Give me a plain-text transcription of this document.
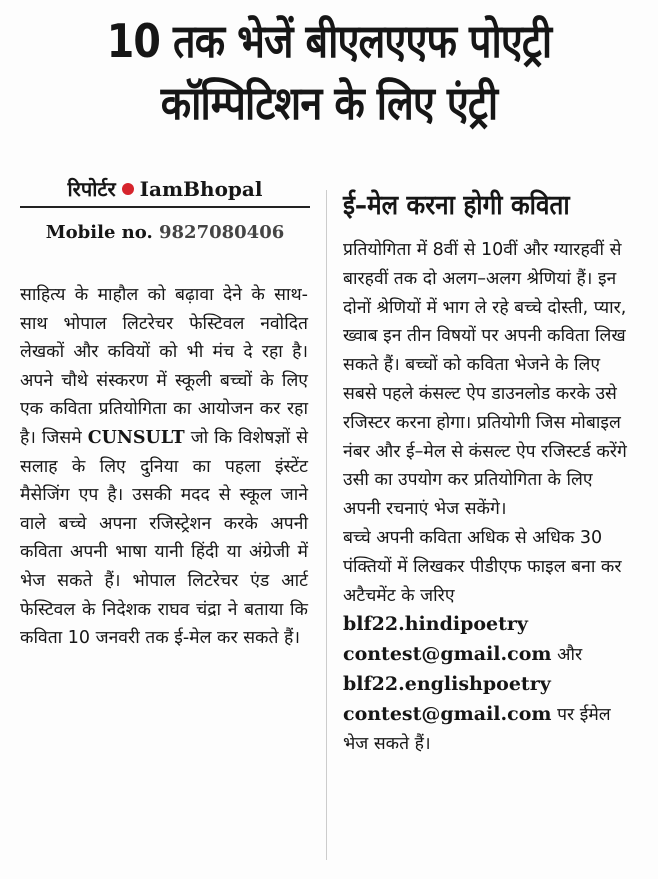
10 तक भेजें बीएलएएफ पोएट्री
कॉम्पिटिशन के लिए एंट्री
रिपोर्टर IamBhopal
Mobile no. 9827080406

साहित्य के माहौल को बढ़ावा देने के साथ-साथ भोपाल लिटरेचर फेस्टिवल नवोदित लेखकों और कवियों को भी मंच दे रहा है। अपने चौथे संस्करण में स्कूली बच्चों के लिए एक कविता प्रतियोगिता का आयोजन कर रहा है। जिसमे CUNSULT जो कि विशेषज्ञों से सलाह के लिए दुनिया का पहला इंस्टेंट मैसेजिंग एप है। उसकी मदद से स्कूल जाने वाले बच्चे अपना रजिस्ट्रेशन करके अपनी कविता अपनी भाषा यानी हिंदी या अंग्रेजी में भेज सकते हैं। भोपाल लिटरेचर एंड आर्ट फेस्टिवल के निदेशक राघव चंद्रा ने बताया कि कविता 10 जनवरी तक ई-मेल कर सकते हैं।

ई–मेल करना होगी कविता
प्रतियोगिता में 8वीं से 10वीं और ग्यारहवीं से बारहवीं तक दो अलग–अलग श्रेणियां हैं। इन दोनों श्रेणियों में भाग ले रहे बच्चे दोस्ती, प्यार, ख्वाब इन तीन विषयों पर अपनी कविता लिख सकते हैं। बच्चों को कविता भेजने के लिए सबसे पहले कंसल्ट ऐप डाउनलोड करके उसे रजिस्टर करना होगा। प्रतियोगी जिस मोबाइल नंबर और ई–मेल से कंसल्ट ऐप रजिस्टर्ड करेंगे उसी का उपयोग कर प्रतियोगिता के लिए अपनी रचनाएं भेज सकेंगे।
बच्चे अपनी कविता अधिक से अधिक 30 पंक्तियों में लिखकर पीडीएफ फाइल बना कर अटैचमेंट के जरिए
blf22.hindipoetry contest@gmail.com और
blf22.englishpoetry contest@gmail.com पर ईमेल भेज सकते हैं।
